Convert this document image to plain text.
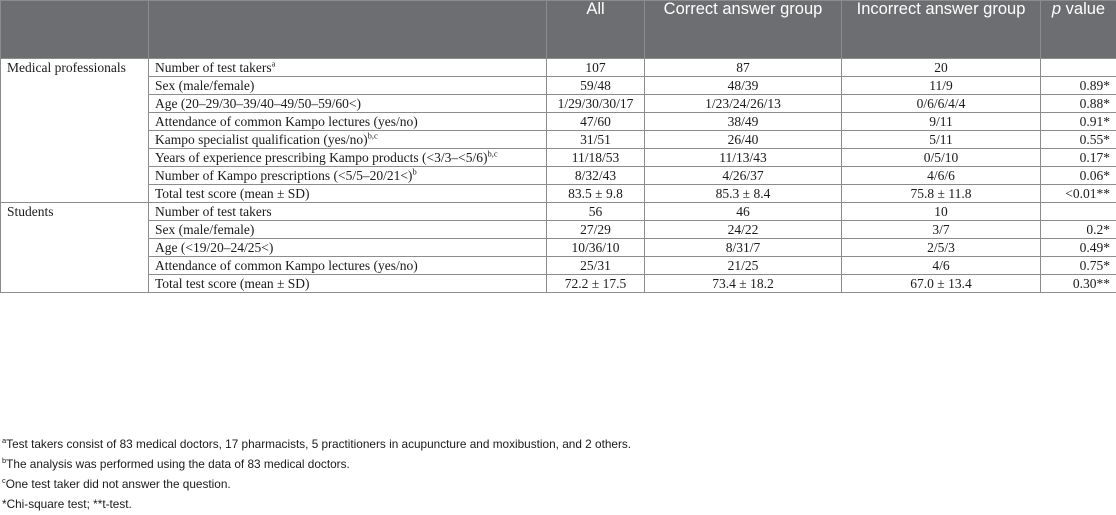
		All	Correct answer group	Incorrect answer group	p value
Medical professionals	Number of test takers$^a$	107	87	20	
	Sex (male/female)	59/48	48/39	11/9	0.89*
	Age (20–29/30–39/40–49/50–59/60<)	1/29/30/30/17	1/23/24/26/13	0/6/6/4/4	0.88*
	Attendance of common Kampo lectures (yes/no)	47/60	38/49	9/11	0.91*
	Kampo specialist qualification (yes/no)$^{b,c}$	31/51	26/40	5/11	0.55*
	Years of experience prescribing Kampo products (<3/3–<5/6)$^{b,c}$	11/18/53	11/13/43	0/5/10	0.17*
	Number of Kampo prescriptions (<5/5–20/21<)$^b$	8/32/43	4/26/37	4/6/6	0.06*
	Total test score (mean ± SD)	83.5 ± 9.8	85.3 ± 8.4	75.8 ± 11.8	<0.01**
Students	Number of test takers	56	46	10	
	Sex (male/female)	27/29	24/22	3/7	0.2*
	Age (<19/20–24/25<)	10/36/10	8/31/7	2/5/3	0.49*
	Attendance of common Kampo lectures (yes/no)	25/31	21/25	4/6	0.75*
	Total test score (mean ± SD)	72.2 ± 17.5	73.4 ± 18.2	67.0 ± 13.4	0.30**
$^a$Test takers consist of 83 medical doctors, 17 pharmacists, 5 practitioners in acupuncture and moxibustion, and 2 others.
$^b$The analysis was performed using the data of 83 medical doctors.
$^c$One test taker did not answer the question.
*Chi-square test; **t-test.
